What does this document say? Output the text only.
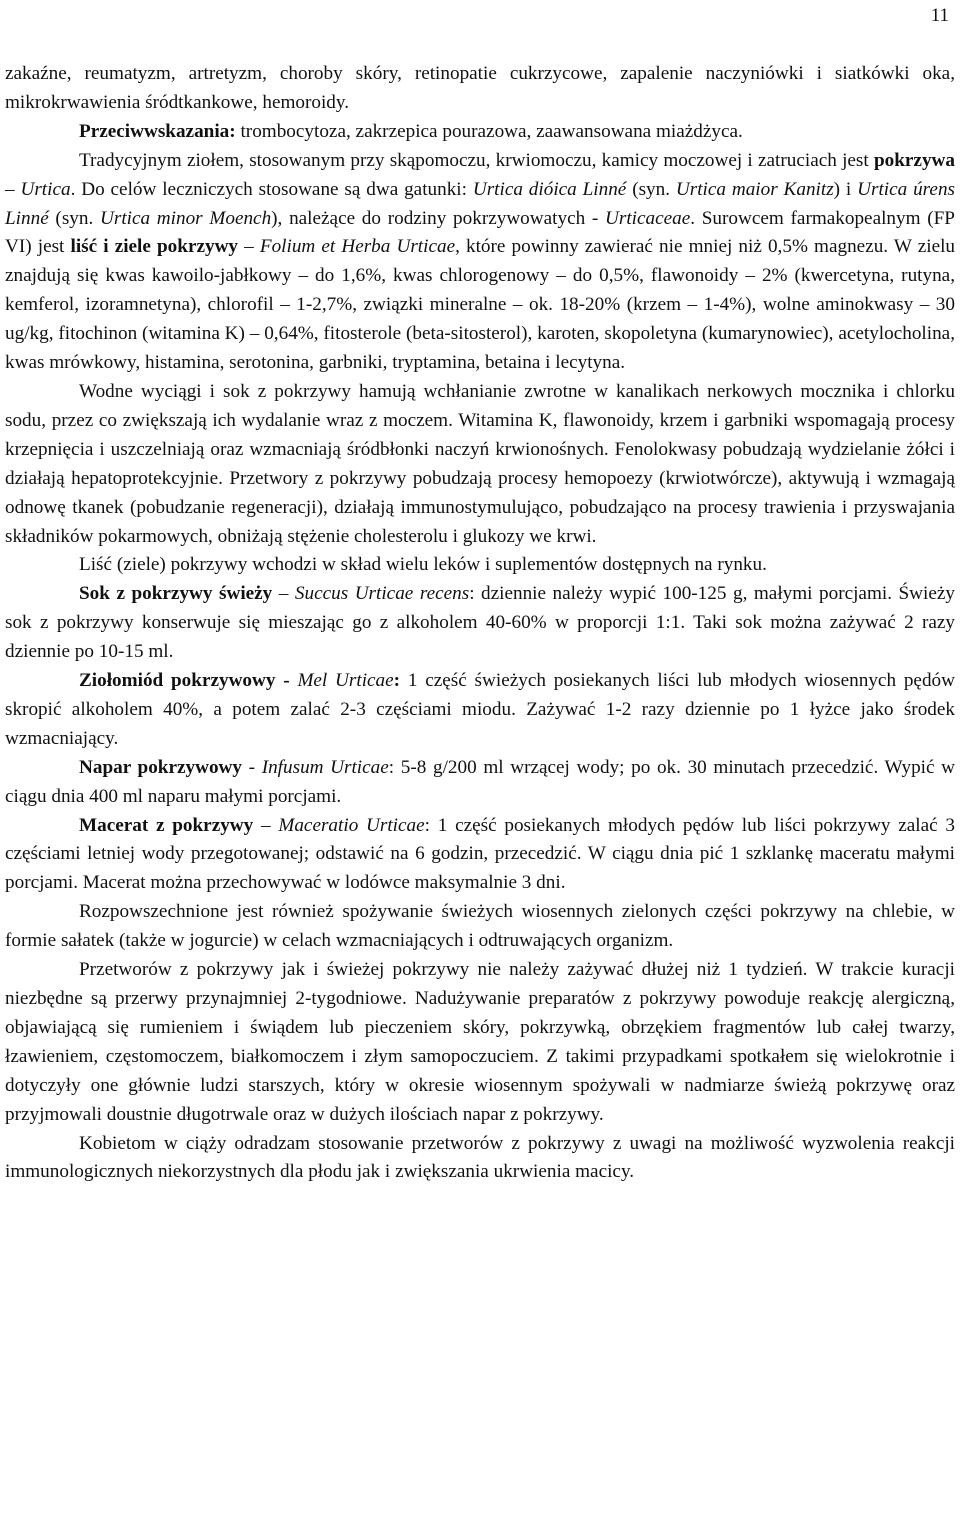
11

zakaźne, reumatyzm, artretyzm, choroby skóry, retinopatie cukrzycowe, zapalenie naczyniówki i siatkówki oka, mikrokrwawienia śródtkankowe, hemoroidy.

Przeciwwskazania: trombocytoza, zakrzepica pourazowa, zaawansowana miażdżyca.

Tradycyjnym ziołem, stosowanym przy skąpomoczu, krwiomoczu, kamicy moczowej i zatruciach jest pokrzywa – Urtica. Do celów leczniczych stosowane są dwa gatunki: Urtica dióica Linné (syn. Urtica maior Kanitz) i Urtica úrens Linné (syn. Urtica minor Moench), należące do rodziny pokrzywowatych - Urticaceae. Surowcem farmakopealnym (FP VI) jest liść i ziele pokrzywy – Folium et Herba Urticae, które powinny zawierać nie mniej niż 0,5% magnezu. W zielu znajdują się kwas kawoilo-jabłkowy – do 1,6%, kwas chlorogenowy – do 0,5%, flawonoidy – 2% (kwercetyna, rutyna, kemferol, izoramnetyna), chlorofil – 1-2,7%, związki mineralne – ok. 18-20% (krzem – 1-4%), wolne aminokwasy – 30 ug/kg, fitochinon (witamina K) – 0,64%, fitosterole (beta-sitosterol), karoten, skopoletyna (kumarynowiec), acetylocholina, kwas mrówkowy, histamina, serotonina, garbniki, tryptamina, betaina i lecytyna.

Wodne wyciągi i sok z pokrzywy hamują wchłanianie zwrotne w kanalikach nerkowych mocznika i chlorku sodu, przez co zwiększają ich wydalanie wraz z moczem. Witamina K, flawonoidy, krzem i garbniki wspomagają procesy krzepnięcia i uszczelniają oraz wzmacniają śródbłonki naczyń krwionośnych. Fenolokwasy pobudzają wydzielanie żółci i działają hepatoprotekcyjnie. Przetwory z pokrzywy pobudzają procesy hemopoezy (krwiotwórcze), aktywują i wzmagają odnowę tkanek (pobudzanie regeneracji), działają immunostymulująco, pobudzająco na procesy trawienia i przyswajania składników pokarmowych, obniżają stężenie cholesterolu i glukozy we krwi.

Liść (ziele) pokrzywy wchodzi w skład wielu leków i suplementów dostępnych na rynku.

Sok z pokrzywy świeży – Succus Urticae recens: dziennie należy wypić 100-125 g, małymi porcjami. Świeży sok z pokrzywy konserwuje się mieszając go z alkoholem 40-60% w proporcji 1:1. Taki sok można zażywać 2 razy dziennie po 10-15 ml.

Ziołomiód pokrzywowy - Mel Urticae: 1 część świeżych posiekanych liści lub młodych wiosennych pędów skropić alkoholem 40%, a potem zalać 2-3 częściami miodu. Zażywać 1-2 razy dziennie po 1 łyżce jako środek wzmacniający.

Napar pokrzywowy - Infusum Urticae: 5-8 g/200 ml wrzącej wody; po ok. 30 minutach przecedzić. Wypić w ciągu dnia 400 ml naparu małymi porcjami.

Macerat z pokrzywy – Maceratio Urticae: 1 część posiekanych młodych pędów lub liści pokrzywy zalać 3 częściami letniej wody przegotowanej; odstawić na 6 godzin, przecedzić. W ciągu dnia pić 1 szklankę maceratu małymi porcjami. Macerat można przechowywać w lodówce maksymalnie 3 dni.

Rozpowszechnione jest również spożywanie świeżych wiosennych zielonych części pokrzywy na chlebie, w formie sałatek (także w jogurcie) w celach wzmacniających i odtruwających organizm.

Przetworów z pokrzywy jak i świeżej pokrzywy nie należy zażywać dłużej niż 1 tydzień. W trakcie kuracji niezbędne są przerwy przynajmniej 2-tygodniowe. Nadużywanie preparatów z pokrzywy powoduje reakcję alergiczną, objawiającą się rumieniem i świądem lub pieczeniem skóry, pokrzywką, obrzękiem fragmentów lub całej twarzy, łzawieniem, częstomoczem, białkomoczem i złym samopoczuciem. Z takimi przypadkami spotkałem się wielokrotnie i dotyczyły one głównie ludzi starszych, który w okresie wiosennym spożywali w nadmiarze świeżą pokrzywę oraz przyjmowali doustnie długotrwale oraz w dużych ilościach napar z pokrzywy.

Kobietom w ciąży odradzam stosowanie przetworów z pokrzywy z uwagi na możliwość wyzwolenia reakcji immunologicznych niekorzystnych dla płodu jak i zwiększania ukrwienia macicy.
